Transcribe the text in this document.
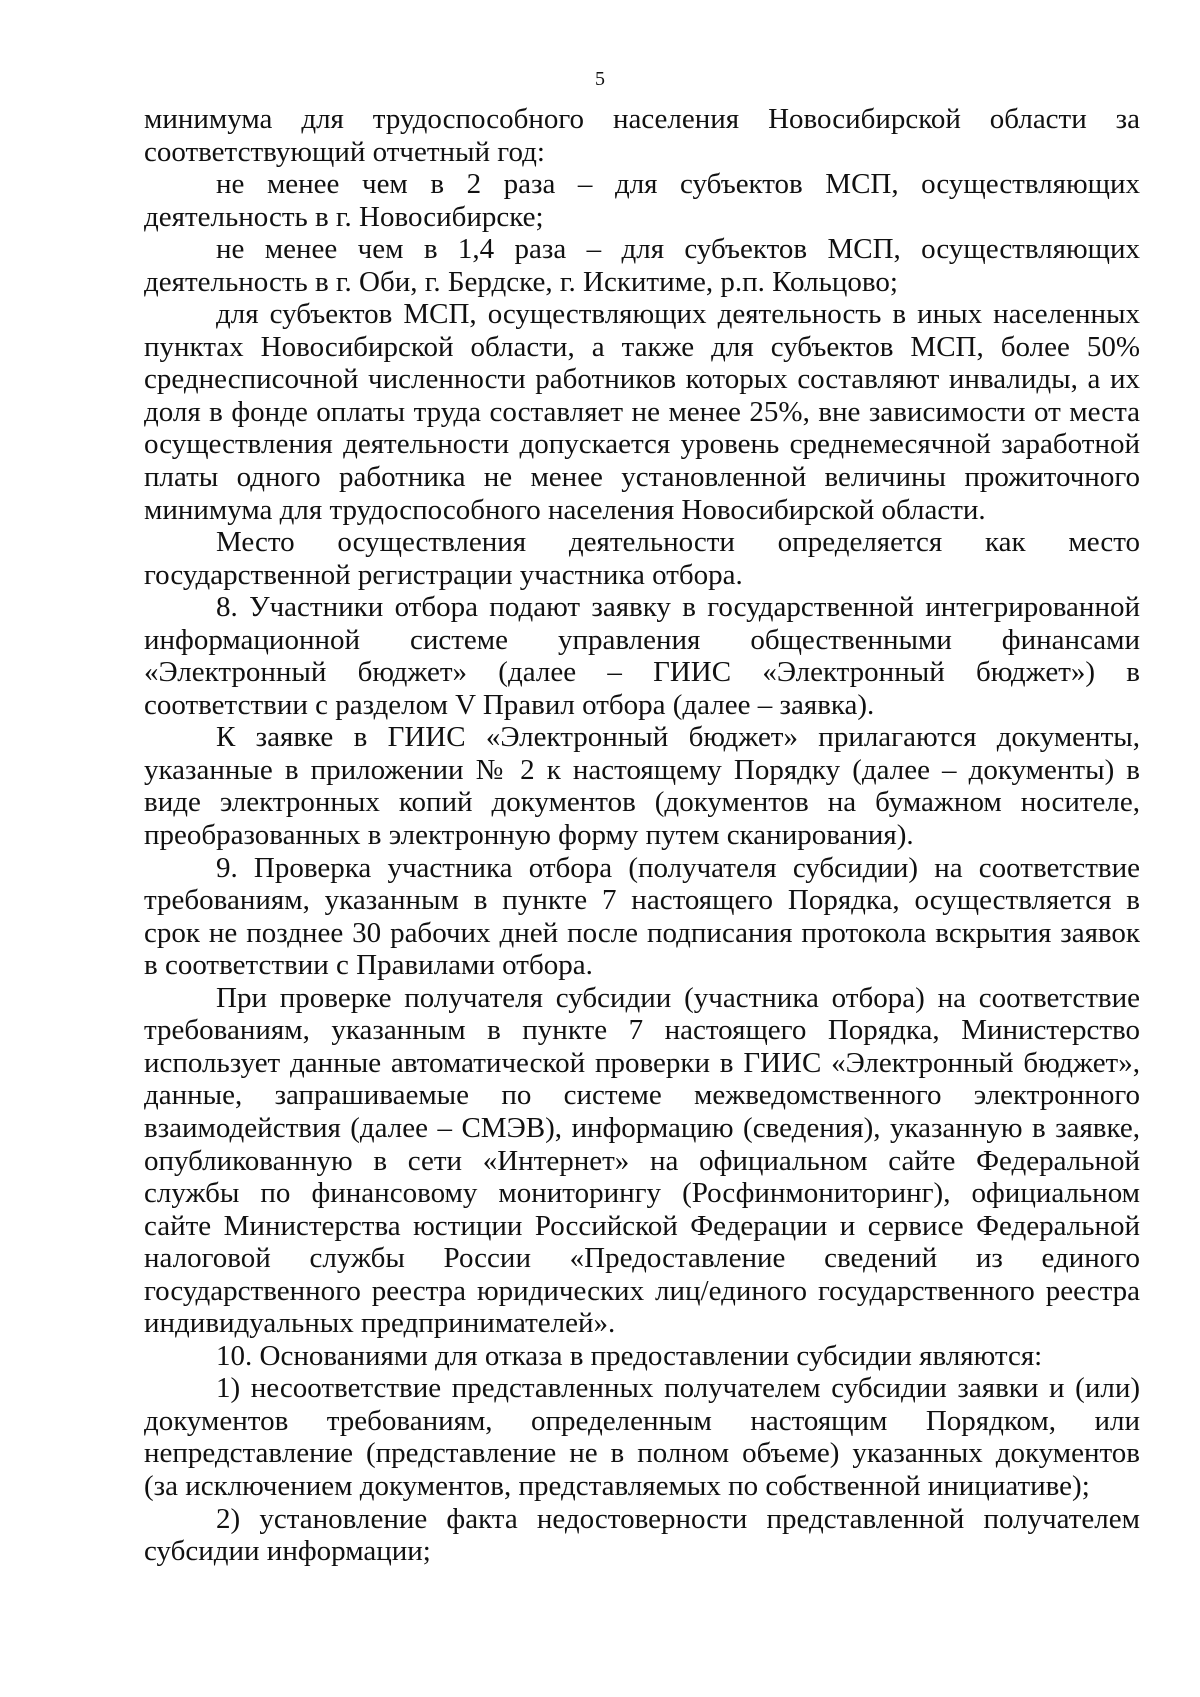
5

минимума для трудоспособного населения Новосибирской области за соответствующий отчетный год:

не менее чем в 2 раза – для субъектов МСП, осуществляющих деятельность в г. Новосибирске;

не менее чем в 1,4 раза – для субъектов МСП, осуществляющих деятельность в г. Оби, г. Бердске, г. Искитиме, р.п. Кольцово;

для субъектов МСП, осуществляющих деятельность в иных населенных пунктах Новосибирской области, а также для субъектов МСП, более 50% среднесписочной численности работников которых составляют инвалиды, а их доля в фонде оплаты труда составляет не менее 25%, вне зависимости от места осуществления деятельности допускается уровень среднемесячной заработной платы одного работника не менее установленной величины прожиточного минимума для трудоспособного населения Новосибирской области.

Место осуществления деятельности определяется как место государственной регистрации участника отбора.

8. Участники отбора подают заявку в государственной интегрированной информационной системе управления общественными финансами «Электронный бюджет» (далее – ГИИС «Электронный бюджет») в соответствии с разделом V Правил отбора (далее – заявка).

К заявке в ГИИС «Электронный бюджет» прилагаются документы, указанные в приложении № 2 к настоящему Порядку (далее – документы) в виде электронных копий документов (документов на бумажном носителе, преобразованных в электронную форму путем сканирования).

9. Проверка участника отбора (получателя субсидии) на соответствие требованиям, указанным в пункте 7 настоящего Порядка, осуществляется в срок не позднее 30 рабочих дней после подписания протокола вскрытия заявок в соответствии с Правилами отбора.

При проверке получателя субсидии (участника отбора) на соответствие требованиям, указанным в пункте 7 настоящего Порядка, Министерство использует данные автоматической проверки в ГИИС «Электронный бюджет», данные, запрашиваемые по системе межведомственного электронного взаимодействия (далее – СМЭВ), информацию (сведения), указанную в заявке, опубликованную в сети «Интернет» на официальном сайте Федеральной службы по финансовому мониторингу (Росфинмониторинг), официальном сайте Министерства юстиции Российской Федерации и сервисе Федеральной налоговой службы России «Предоставление сведений из единого государственного реестра юридических лиц/единого государственного реестра индивидуальных предпринимателей».

10. Основаниями для отказа в предоставлении субсидии являются:

1) несоответствие представленных получателем субсидии заявки и (или) документов требованиям, определенным настоящим Порядком, или непредставление (представление не в полном объеме) указанных документов (за исключением документов, представляемых по собственной инициативе);

2) установление факта недостоверности представленной получателем субсидии информации;
